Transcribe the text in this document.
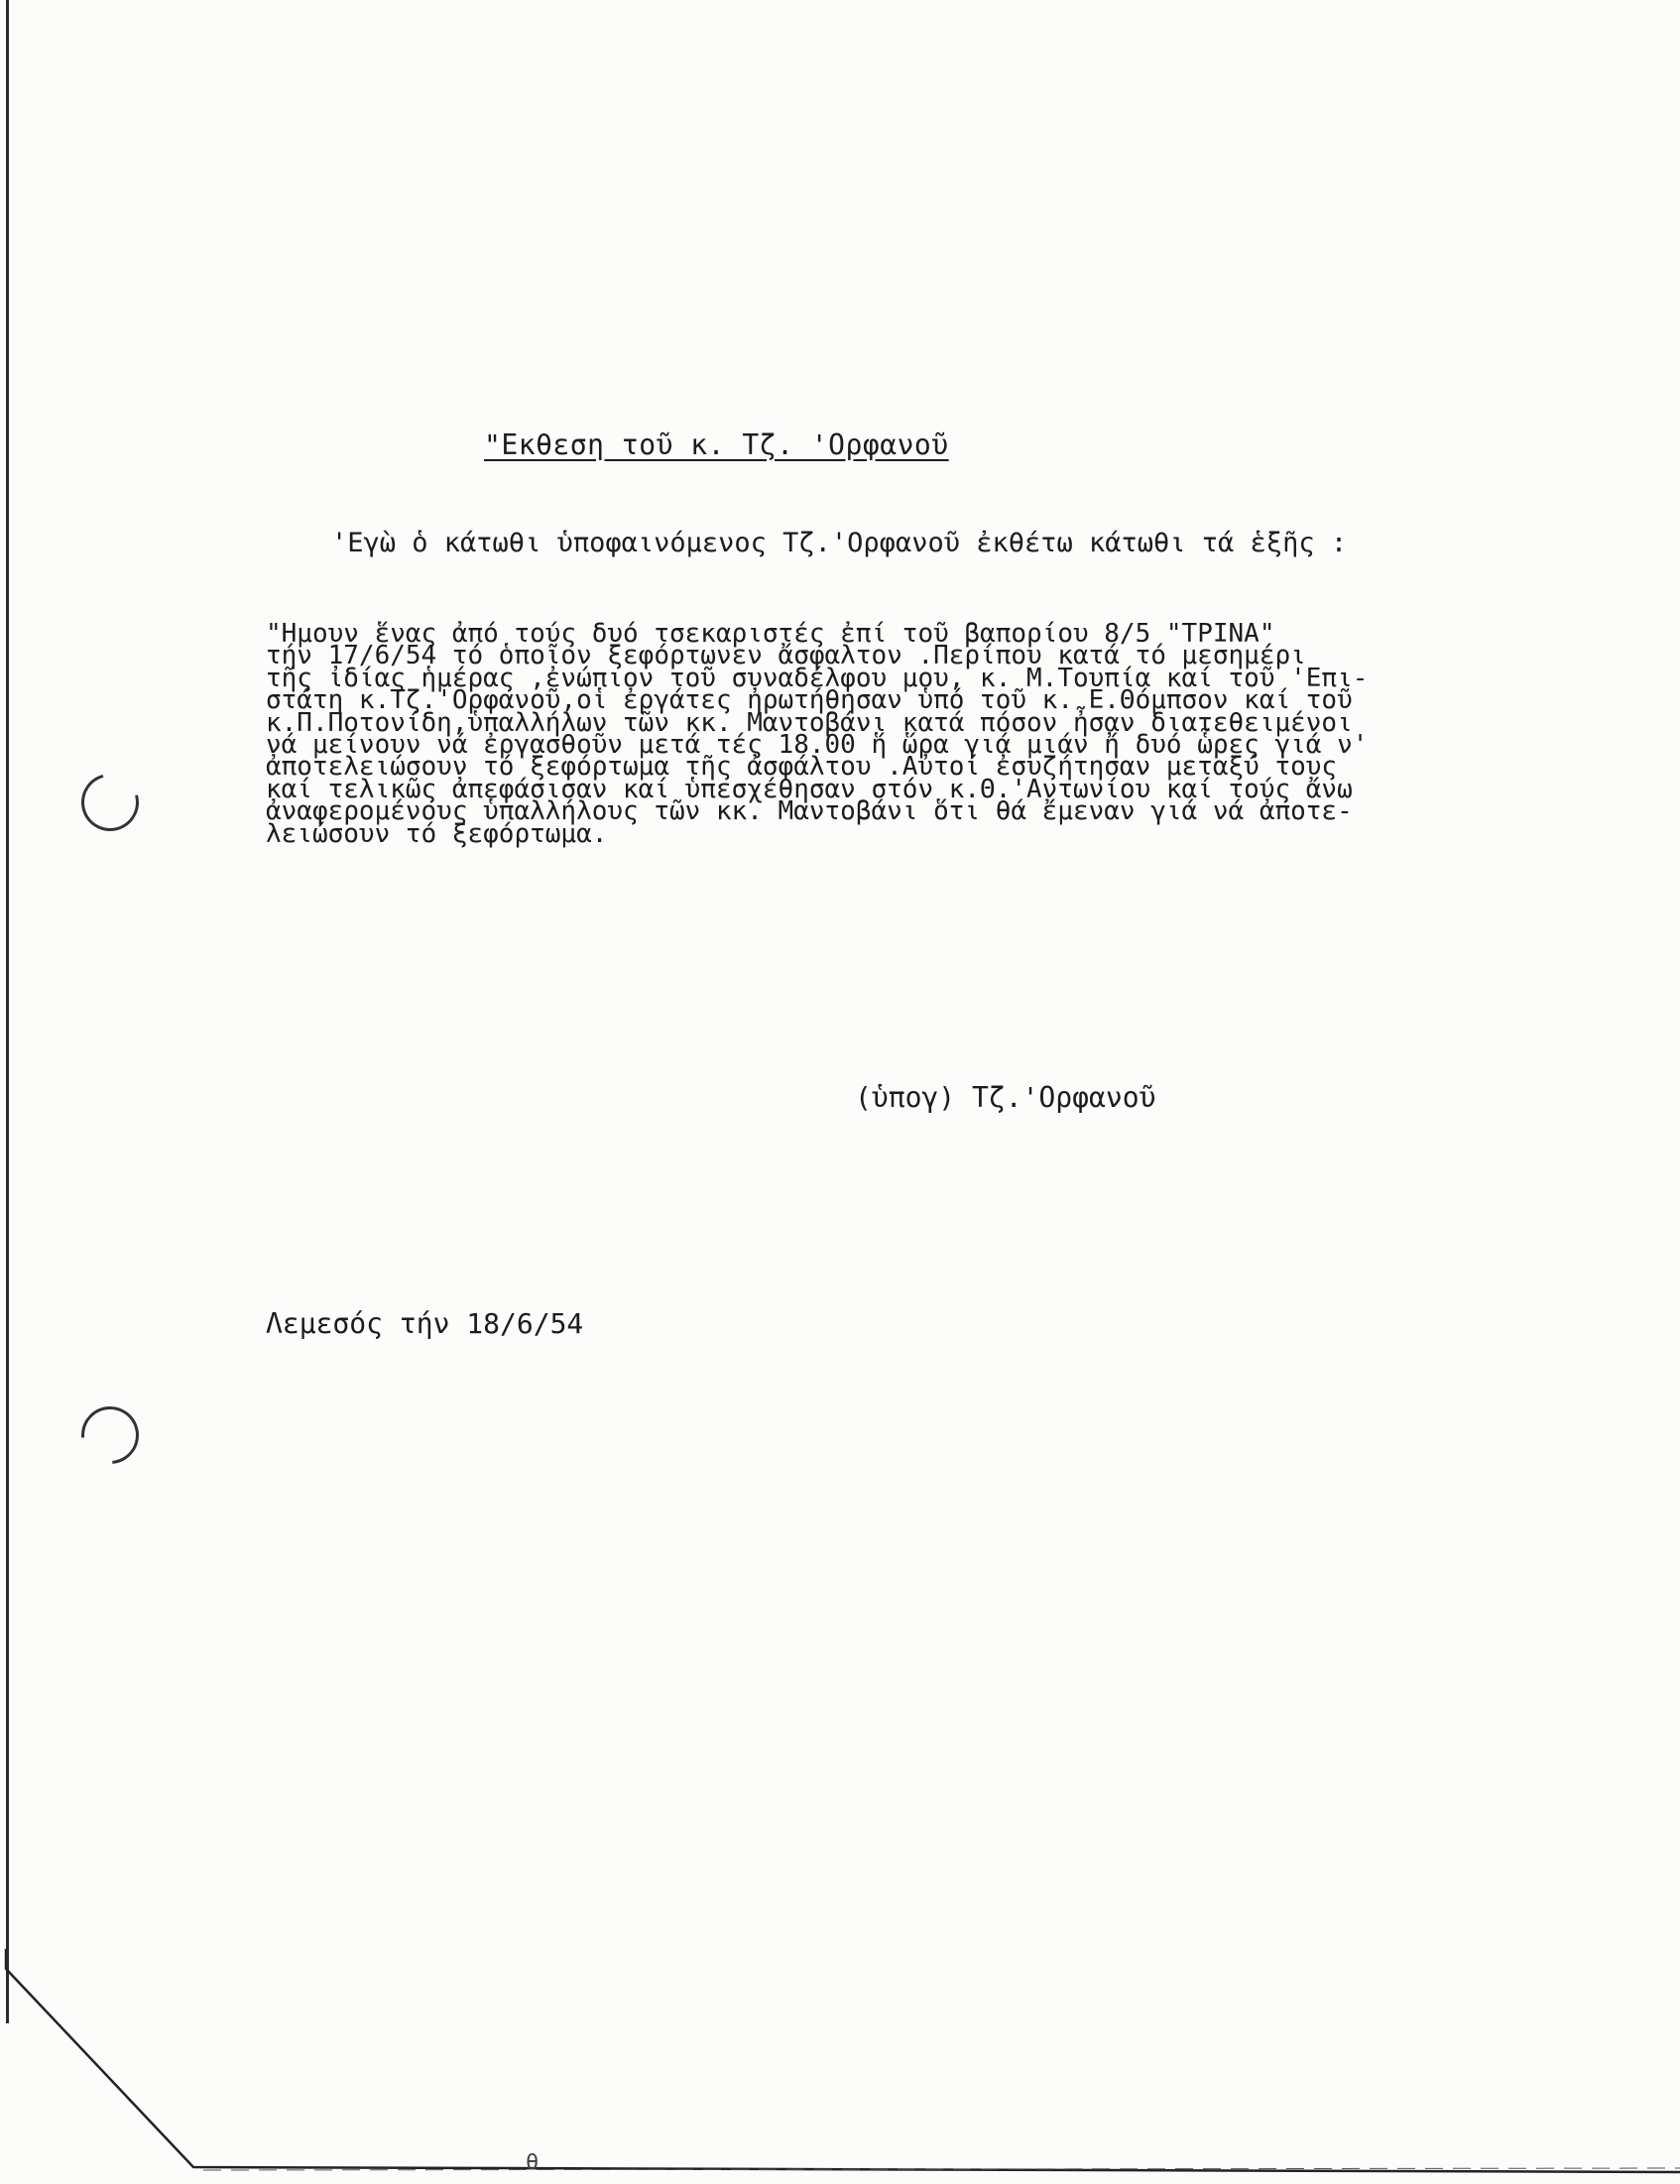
"Εκθεση τοῦ κ. Τζ. 'Ορφανοῦ
'Εγὼ ὁ κάτωθι ὑποφαινόμενος Τζ.'Ορφανοῦ ἐκθέτω κάτωθι τά ἑξῆς :
"Ημουν ἕνας ἀπό τούς δυό τσεκαριστές ἐπί τοῦ βαπορίου 8/5 "ΤΡΙΝΑ"
τήν 17/6/54 τό ὁποῖον ξεφόρτωνεν ἄσφαλτον .Περίπου κατά τό μεσημέρι
τῆς ἰδίας ἡμέρας ,ἐνώπιον τοῦ συναδέλφου μου, κ. Μ.Τουπία καί τοῦ 'Επι-
στάτη κ.Τζ.'Ορφανοῦ,οἱ ἐργάτες ἠρωτήθησαν ὑπό τοῦ κ. Ε.Θόμπσον καί τοῦ
κ.Π.Ποτονίδη,ὑπαλλήλων τῶν κκ. Μαντοβάνι κατά πόσον ἦσαν διατεθειμένοι
νά μείνουν νά ἐργασθοῦν μετά τές 18.00 ἥ ὥρα γιά μιάν ἤ δυό ὧρες γιά ν'
ἀποτελειώσουν τό ξεφόρτωμα τῆς ἀσφάλτου .Αὐτοί ἐσυζήτησαν μεταξύ τους
καί τελικῶς ἀπεφάσισαν καί ὑπεσχέθησαν στόν κ.Θ.'Αντωνίου καί τούς ἄνω
ἀναφερομένους ὑπαλλήλους τῶν κκ. Μαντοβάνι ὅτι θά ἔμεναν γιά νά ἀποτε-
λειώσουν τό ξεφόρτωμα.
(ὑπογ) Τζ.'Ορφανοῦ
Λεμεσός τήν 18/6/54
θ
